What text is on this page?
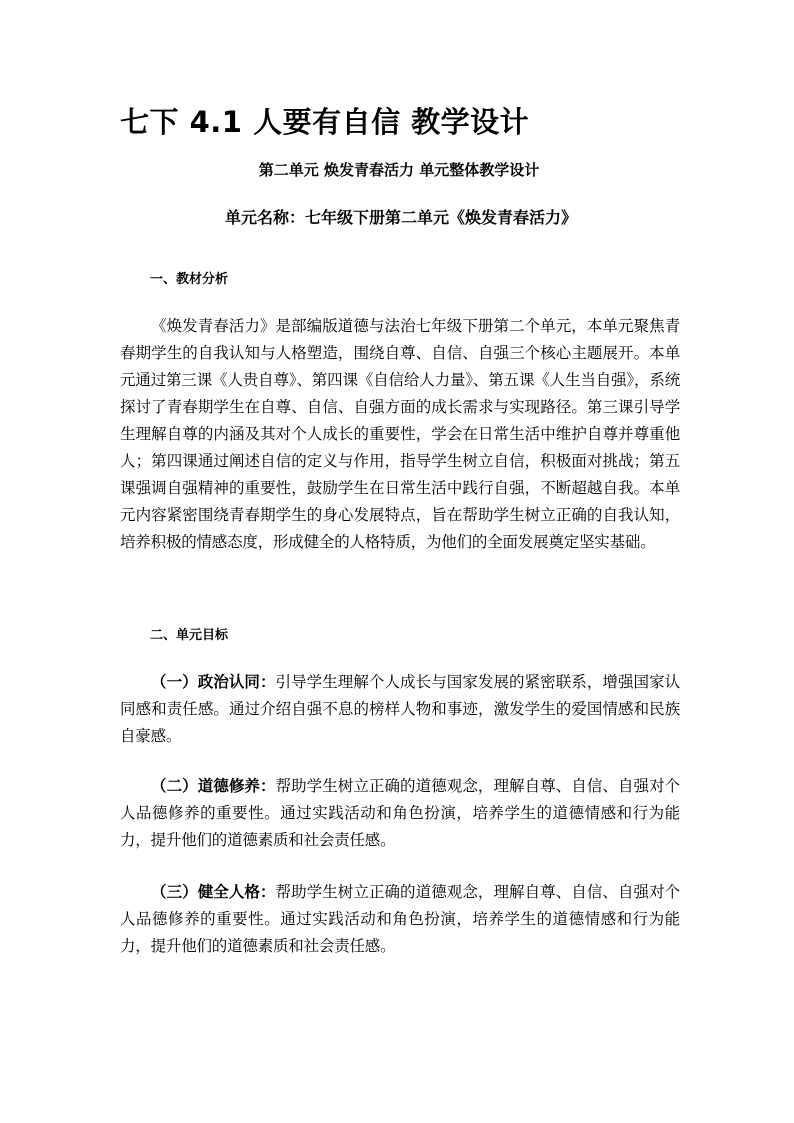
七下 4.1 人要有自信 教学设计
第二单元 焕发青春活力 单元整体教学设计
单元名称：七年级下册第二单元《焕发青春活力》
一、教材分析

《焕发青春活力》是部编版道德与法治七年级下册第二个单元，本单元聚焦青春期学生的自我认知与人格塑造，围绕自尊、自信、自强三个核心主题展开。本单元通过第三课《人贵自尊》、第四课《自信给人力量》、第五课《人生当自强》，系统探讨了青春期学生在自尊、自信、自强方面的成长需求与实现路径。第三课引导学生理解自尊的内涵及其对个人成长的重要性，学会在日常生活中维护自尊并尊重他人；第四课通过阐述自信的定义与作用，指导学生树立自信，积极面对挑战；第五课强调自强精神的重要性，鼓励学生在日常生活中践行自强，不断超越自我。本单元内容紧密围绕青春期学生的身心发展特点，旨在帮助学生树立正确的自我认知，培养积极的情感态度，形成健全的人格特质，为他们的全面发展奠定坚实基础。

二、单元目标

（一）政治认同：引导学生理解个人成长与国家发展的紧密联系，增强国家认同感和责任感。通过介绍自强不息的榜样人物和事迹，激发学生的爱国情感和民族自豪感。

（二）道德修养：帮助学生树立正确的道德观念，理解自尊、自信、自强对个人品德修养的重要性。通过实践活动和角色扮演，培养学生的道德情感和行为能力，提升他们的道德素质和社会责任感。

（三）健全人格：帮助学生树立正确的道德观念，理解自尊、自信、自强对个人品德修养的重要性。通过实践活动和角色扮演，培养学生的道德情感和行为能力，提升他们的道德素质和社会责任感。
